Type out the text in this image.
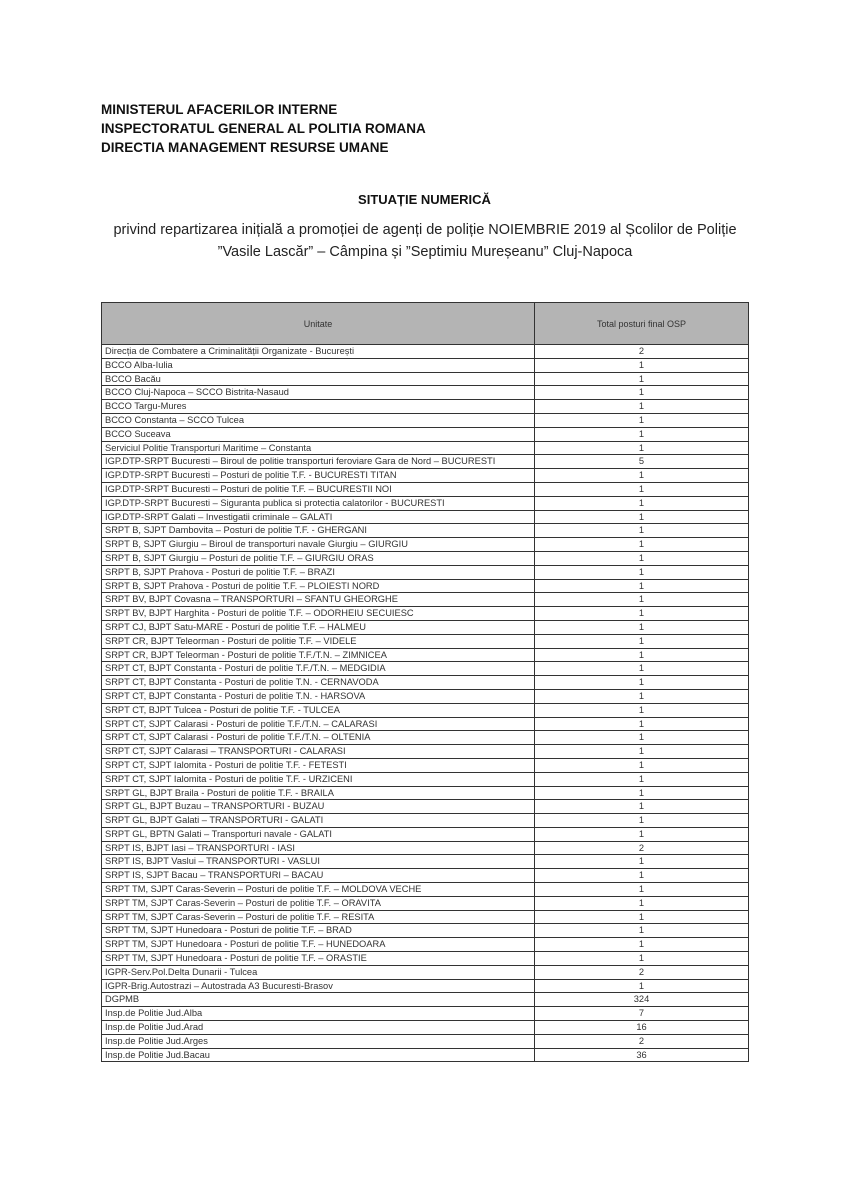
MINISTERUL AFACERILOR INTERNE
INSPECTORATUL GENERAL AL POLITIA ROMANA
DIRECTIA MANAGEMENT RESURSE UMANE
SITUAȚIE NUMERICĂ
privind repartizarea inițială a promoției de agenți de poliție NOIEMBRIE 2019 al Școlilor de Poliție ”Vasile Lascăr” – Câmpina și ”Septimiu Mureșeanu” Cluj-Napoca
Unitate	Total posturi final OSP
Direcția de Combatere a Criminalității Organizate - București	2
BCCO Alba-Iulia	1
BCCO Bacău	1
BCCO Cluj-Napoca – SCCO Bistrita-Nasaud	1
BCCO Targu-Mures	1
BCCO Constanta – SCCO Tulcea	1
BCCO Suceava	1
Serviciul Politie Transporturi Maritime – Constanta	1
IGP.DTP-SRPT Bucuresti – Biroul de politie transporturi feroviare Gara de Nord – BUCURESTI	5
IGP.DTP-SRPT Bucuresti – Posturi de politie T.F. - BUCURESTI TITAN	1
IGP.DTP-SRPT Bucuresti – Posturi de politie T.F. – BUCURESTII NOI	1
IGP.DTP-SRPT Bucuresti – Siguranta publica si protectia calatorilor - BUCURESTI	1
IGP.DTP-SRPT Galati – Investigatii criminale – GALATI	1
SRPT B, SJPT Dambovita – Posturi de politie T.F. - GHERGANI	1
SRPT B, SJPT Giurgiu – Biroul de transporturi navale Giurgiu – GIURGIU	1
SRPT B, SJPT Giurgiu – Posturi de politie T.F. – GIURGIU ORAS	1
SRPT B, SJPT Prahova - Posturi de politie T.F. – BRAZI	1
SRPT B, SJPT Prahova - Posturi de politie T.F. – PLOIESTI NORD	1
SRPT BV, BJPT Covasna – TRANSPORTURI – SFANTU GHEORGHE	1
SRPT BV, BJPT Harghita - Posturi de politie T.F. – ODORHEIU SECUIESC	1
SRPT CJ, BJPT Satu-MARE - Posturi de politie T.F. – HALMEU	1
SRPT CR, BJPT Teleorman - Posturi de politie T.F. – VIDELE	1
SRPT CR, BJPT Teleorman - Posturi de politie T.F./T.N. – ZIMNICEA	1
SRPT CT, BJPT Constanta - Posturi de politie T.F./T.N. – MEDGIDIA	1
SRPT CT, BJPT Constanta - Posturi de politie T.N. - CERNAVODA	1
SRPT CT, BJPT Constanta - Posturi de politie T.N. - HARSOVA	1
SRPT CT, BJPT Tulcea - Posturi de politie T.F. - TULCEA	1
SRPT CT, SJPT Calarasi - Posturi de politie T.F./T.N. – CALARASI	1
SRPT CT, SJPT Calarasi - Posturi de politie T.F./T.N. – OLTENIA	1
SRPT CT, SJPT Calarasi – TRANSPORTURI - CALARASI	1
SRPT CT, SJPT Ialomita - Posturi de politie T.F. - FETESTI	1
SRPT CT, SJPT Ialomita - Posturi de politie T.F. - URZICENI	1
SRPT GL, BJPT Braila - Posturi de politie T.F. - BRAILA	1
SRPT GL, BJPT Buzau – TRANSPORTURI - BUZAU	1
SRPT GL, BJPT Galati – TRANSPORTURI - GALATI	1
SRPT GL, BPTN Galati – Transporturi navale - GALATI	1
SRPT IS, BJPT Iasi – TRANSPORTURI - IASI	2
SRPT IS, BJPT Vaslui – TRANSPORTURI - VASLUI	1
SRPT IS, SJPT Bacau – TRANSPORTURI – BACAU	1
SRPT TM, SJPT Caras-Severin – Posturi de politie T.F. – MOLDOVA VECHE	1
SRPT TM, SJPT Caras-Severin – Posturi de politie T.F. – ORAVITA	1
SRPT TM, SJPT Caras-Severin – Posturi de politie T.F. – RESITA	1
SRPT TM, SJPT Hunedoara - Posturi de politie T.F. – BRAD	1
SRPT TM, SJPT Hunedoara - Posturi de politie T.F. – HUNEDOARA	1
SRPT TM, SJPT Hunedoara - Posturi de politie T.F. – ORASTIE	1
IGPR-Serv.Pol.Delta Dunarii - Tulcea	2
IGPR-Brig.Autostrazi – Autostrada A3 Bucuresti-Brasov	1
DGPMB	324
Insp.de Politie Jud.Alba	7
Insp.de Politie Jud.Arad	16
Insp.de Politie Jud.Arges	2
Insp.de Politie Jud.Bacau	36
